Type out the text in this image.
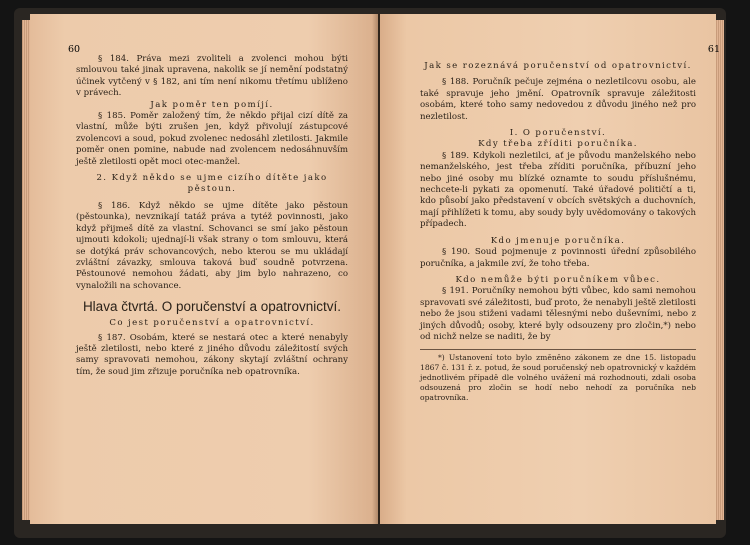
§ 184. Práva mezi zvoliteli a zvolenci mohou býti smlouvou také jinak upravena, nakolik se jí nemění podstatný účinek vytčený v § 182, ani tím není nikomu třetímu ublíženo v právech.

Jak poměr ten pomíjí.

§ 185. Poměr založený tím, že někdo přijal cizí dítě za vlastní, může býti zrušen jen, když přivolují zástupcové zvolencovi a soud, pokud zvolenec nedosáhl zletilosti. Jakmile poměr onen pomine, nabude nad zvolencem nedosáhnuvším ještě zletilosti opět moci otec-manžel.

2. Když někdo se ujme cizího dítěte jako pěstoun.

§ 186. Když někdo se ujme dítěte jako pěstoun (pěstounka), nevznikají tatáž práva a tytéž povinnosti, jako když přijmeš dítě za vlastní. Schovanci se smí jako pěstoun ujmouti kdokoli; ujednají-li však strany o tom smlouvu, která se dotýká práv schovancových, nebo kterou se mu ukládají zvláštní závazky, smlouva taková buď soudně potvrzena. Pěstounové nemohou žádati, aby jim bylo nahrazeno, co vynaložili na schovance.

Hlava čtvrtá. O poručenství a opatrovnictví.

Co jest poručenství a opatrovnictví.

§ 187. Osobám, které se nestará otec a které nenabyly ještě zletilosti, nebo které z jiného důvodu záležitostí svých samy spravovati nemohou, zákony skytají zvláštní ochrany tím, že soud jim zřizuje poručníka neb opatrovníka.

60

Jak se rozeznává poručenství od opatrovnictví.

§ 188. Poručník pečuje zejména o nezletilcovu osobu, ale také spravuje jeho jmění. Opatrovník spravuje záležitosti osobám, které toho samy nedovedou z důvodu jiného než pro nezletilost.

I. O poručenství.

Kdy třeba zříditi poručníka.

§ 189. Kdykoli nezletilci, ať je původu manželského nebo nemanželského, jest třeba zříditi poručníka, příbuzní jeho nebo jiné osoby mu blízké oznamte to soudu příslušnému, nechcete-li pykati za opomenutí. Také úřadové političtí a ti, kdo působí jako představení v obcích světských a duchovních, mají přihlížeti k tomu, aby soudy byly uvědomovány o takových případech.

Kdo jmenuje poručníka.

§ 190. Soud pojmenuje z povinnosti úřední způsobilého poručníka, a jakmile zví, že toho třeba.

Kdo nemůže býti poručníkem vůbec.

§ 191. Poručníky nemohou býti vůbec, kdo sami nemohou spravovati své záležitosti, buď proto, že nenabyli ještě zletilosti nebo že jsou stiženi vadami tělesnými nebo duševními, nebo z jiných důvodů; osoby, které byly odsouzeny pro zločin,*) nebo od nichž nelze se naditi, že by

*) Ustanovení toto bylo změněno zákonem ze dne 15. listopadu 1867 č. 131 ř. z. potud, že soud poručenský neb opatrovnický v každém jednotlivém případě dle volného uvážení má rozhodnouti, zdali osoba odsouzená pro zločin se hodí nebo nehodí za poručníka neb opatrovníka.

61
